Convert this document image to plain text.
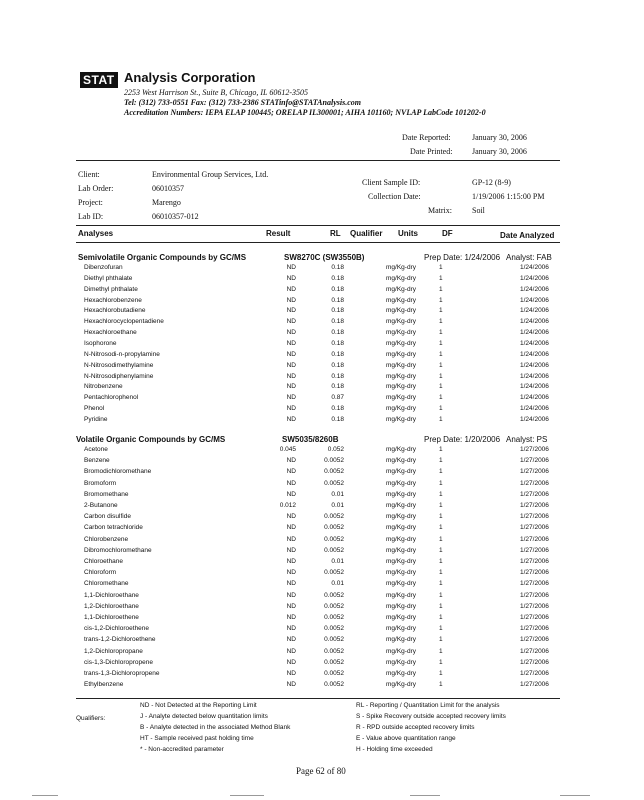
STAT Analysis Corporation
2253 West Harrison St., Suite B, Chicago, IL 60612-3505
Tel: (312) 733-0551 Fax: (312) 733-2386 STATinfo@STATAnalysis.com
Accreditation Numbers: IEPA ELAP 100445; ORELAP IL300001; AIHA 101160; NVLAP LabCode 101202-0
Date Reported:	January 30, 2006
Date Printed: January 30, 2006
Client:	Environmental Group Services, Ltd.
Lab Order:	06010357
Project:	Marengo
Lab ID:	06010357-012
Client Sample ID:	GP-12 (8-9)
Collection Date:	1/19/2006 1:15:00 PM
Matrix:	Soil
Analyses	Result	RL Qualifier Units	DF	Date Analyzed
Semivolatile Organic Compounds by GC/MS	SW8270C (SW3550B)	Prep Date: 1/24/2006 Analyst: FAB
Dibenzofuran	ND	0.18	mg/Kg-dry	1	1/24/2006
Diethyl phthalate	ND	0.18	mg/Kg-dry	1	1/24/2006
Dimethyl phthalate	ND	0.18	mg/Kg-dry	1	1/24/2006
Hexachlorobenzene	ND	0.18	mg/Kg-dry	1	1/24/2006
Hexachlorobutadiene	ND	0.18	mg/Kg-dry	1	1/24/2006
Hexachlorocyclopentadiene	ND	0.18	mg/Kg-dry	1	1/24/2006
Hexachloroethane	ND	0.18	mg/Kg-dry	1	1/24/2006
Isophorone	ND	0.18	mg/Kg-dry	1	1/24/2006
N-Nitrosodi-n-propylamine	ND	0.18	mg/Kg-dry	1	1/24/2006
N-Nitrosodimethylamine	ND	0.18	mg/Kg-dry	1	1/24/2006
N-Nitrosodiphenylamine	ND	0.18	mg/Kg-dry	1	1/24/2006
Nitrobenzene	ND	0.18	mg/Kg-dry	1	1/24/2006
Pentachlorophenol	ND	0.87	mg/Kg-dry	1	1/24/2006
Phenol	ND	0.18	mg/Kg-dry	1	1/24/2006
Pyridine	ND	0.18	mg/Kg-dry	1	1/24/2006
Volatile Organic Compounds by GC/MS	SW5035/8260B	Prep Date: 1/20/2006 Analyst: PS
Acetone	0.045	0.052	mg/Kg-dry	1	1/27/2006
Benzene	ND	0.0052	mg/Kg-dry	1	1/27/2006
Bromodichloromethane	ND	0.0052	mg/Kg-dry	1	1/27/2006
Bromoform	ND	0.0052	mg/Kg-dry	1	1/27/2006
Bromomethane	ND	0.01	mg/Kg-dry	1	1/27/2006
2-Butanone	0.012	0.01	mg/Kg-dry	1	1/27/2006
Carbon disulfide	ND	0.0052	mg/Kg-dry	1	1/27/2006
Carbon tetrachloride	ND	0.0052	mg/Kg-dry	1	1/27/2006
Chlorobenzene	ND	0.0052	mg/Kg-dry	1	1/27/2006
Dibromochloromethane	ND	0.0052	mg/Kg-dry	1	1/27/2006
Chloroethane	ND	0.01	mg/Kg-dry	1	1/27/2006
Chloroform	ND	0.0052	mg/Kg-dry	1	1/27/2006
Chloromethane	ND	0.01	mg/Kg-dry	1	1/27/2006
1,1-Dichloroethane	ND	0.0052	mg/Kg-dry	1	1/27/2006
1,2-Dichloroethane	ND	0.0052	mg/Kg-dry	1	1/27/2006
1,1-Dichloroethene	ND	0.0052	mg/Kg-dry	1	1/27/2006
cis-1,2-Dichloroethene	ND	0.0052	mg/Kg-dry	1	1/27/2006
trans-1,2-Dichloroethene	ND	0.0052	mg/Kg-dry	1	1/27/2006
1,2-Dichloropropane	ND	0.0052	mg/Kg-dry	1	1/27/2006
cis-1,3-Dichloropropene	ND	0.0052	mg/Kg-dry	1	1/27/2006
trans-1,3-Dichloropropene	ND	0.0052	mg/Kg-dry	1	1/27/2006
Ethylbenzene	ND	0.0052	mg/Kg-dry	1	1/27/2006
Qualifiers:
ND - Not Detected at the Reporting Limit
J - Analyte detected below quantitation limits
B - Analyte detected in the associated Method Blank
HT - Sample received past holding time
* - Non-accredited parameter
RL - Reporting / Quantitation Limit for the analysis
S - Spike Recovery outside accepted recovery limits
R - RPD outside accepted recovery limits
E - Value above quantitation range
H - Holding time exceeded
Page 62 of 80
